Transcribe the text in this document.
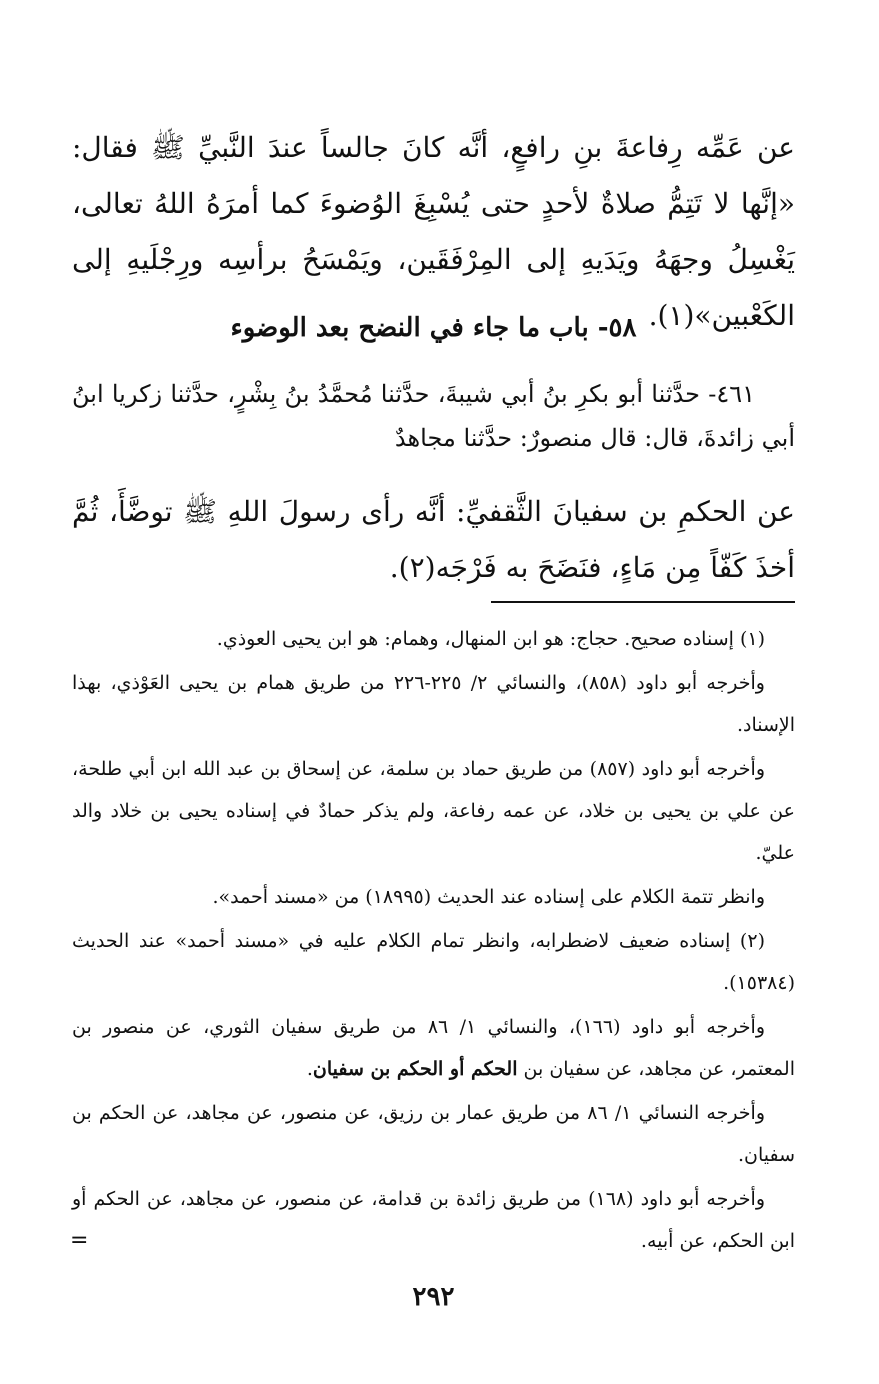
عن عَمِّه رِفاعةَ بنِ رافعٍ، أنَّه كانَ جالساً عندَ النَّبيِّ ﷺ فقال: «إنَّها لا تَتِمُّ صلاةٌ لأحدٍ حتى يُسْبِغَ الوُضوءَ كما أمرَهُ اللهُ تعالى، يَغْسِلُ وجهَهُ ويَدَيهِ إلى المِرْفَقَين، ويَمْسَحُ برأسِه ورِجْلَيهِ إلى الكَعْبين»(١).
٥٨- باب ما جاء في النضح بعد الوضوء
٤٦١- حدَّثنا أبو بكرِ بنُ أبي شيبةَ، حدَّثنا مُحمَّدُ بنُ بِشْرٍ، حدَّثنا زكريا ابنُ أبي زائدةَ، قال: قال منصورٌ: حدَّثنا مجاهدٌ
عن الحكمِ بن سفيانَ الثَّقفيِّ: أنَّه رأى رسولَ اللهِ ﷺ توضَّأَ، ثُمَّ أخذَ كَفّاً مِن مَاءٍ، فنَضَحَ به فَرْجَه(٢).

(١) إسناده صحيح. حجاج: هو ابن المنهال، وهمام: هو ابن يحيى العوذي.

وأخرجه أبو داود (٨٥٨)، والنسائي ٢/ ٢٢٥-٢٢٦ من طريق همام بن يحيى العَوْذي، بهذا الإسناد.

وأخرجه أبو داود (٨٥٧) من طريق حماد بن سلمة، عن إسحاق بن عبد الله ابن أبي طلحة، عن علي بن يحيى بن خلاد، عن عمه رفاعة، ولم يذكر حمادٌ في إسناده يحيى بن خلاد والد عليّ.

وانظر تتمة الكلام على إسناده عند الحديث (١٨٩٩٥) من «مسند أحمد».

(٢) إسناده ضعيف لاضطرابه، وانظر تمام الكلام عليه في «مسند أحمد» عند الحديث (١٥٣٨٤).

وأخرجه أبو داود (١٦٦)، والنسائي ١/ ٨٦ من طريق سفيان الثوري، عن منصور بن المعتمر، عن مجاهد، عن سفيان بن الحكم أو الحكم بن سفيان.

وأخرجه النسائي ١/ ٨٦ من طريق عمار بن رزيق، عن منصور، عن مجاهد، عن الحكم بن سفيان.

وأخرجه أبو داود (١٦٨) من طريق زائدة بن قدامة، عن منصور، عن مجاهد، عن الحكم أو ابن الحكم، عن أبيه.

=
٢٩٢
